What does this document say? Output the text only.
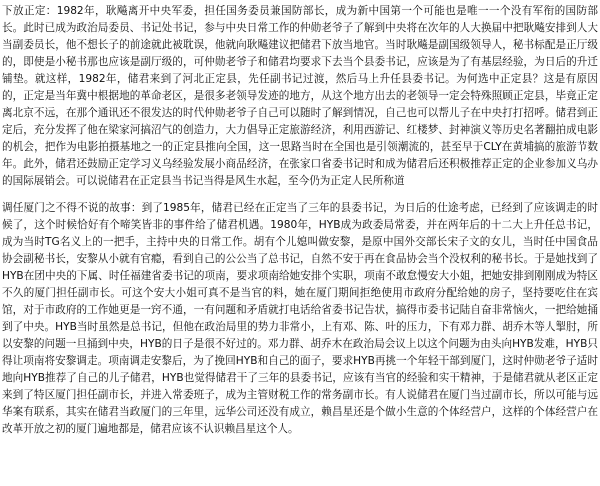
下放正定：1982年，耿飚离开中央军委，担任国务委员兼国防部长，成为新中国第一个可能也是唯一一个没有军衔的国防部长。此时已成为政治局委员、书记处书记，参与中央日常工作的仲勋老爷子了解到中央将在次年的人大换届中把耿飚安排到人大当副委员长，他不想长子的前途就此被耽误，他就向耿飚建议把储君下放当地官。当时耿飚是副国级领导人，秘书标配是正厅级的，即使是小秘书那也应该是副厅级的，可仲勋老爷子和储君均要求下去当个县委书记，应该是为了有基层经验，为日后的升迁铺垫。就这样，1982年，储君来到了河北正定县，先任副书记过渡，然后马上升任县委书记。为何选中正定县？这是有原因的，正定是当年冀中根据地的革命老区，是很多老领导发迹的地方，从这个地方出去的老领导一定会特殊照顾正定县，毕竟正定离北京不远，在那个通讯还不很发达的时代仲勋老爷子自己可以随时了解到情况，自己也可以帮儿子在中央打打招呼。储君到正定后，充分发挥了他在梁家河搞沼气的创造力，大力倡导正定旅游经济，利用西游记、红楼梦、封神演义等历史名著翻拍成电影的机会，把作为电影拍摄基地之一的正定县推向全国，这一思路当时在全国也是引领潮流的，甚至早于CLY在黄埔搞的旅游节数年。此外，储君还鼓励正定学习义乌经验发展小商品经济，在张家口省委书记时和成为储君后还积极推荐正定的企业参加义乌办的国际展销会。可以说储君在正定县当书记当得是风生水起，至今仍为正定人民所称道

调任厦门之不得不说的故事：到了1985年，储君已经在正定当了三年的县委书记，为日后的仕途考虑，已经到了应该调走的时候了，这个时候恰好有个啼笑皆非的事件给了储君机遇。1980年，HYB成为政委局常委，并在两年后的十二大上升任总书记，成为当时TG名义上的一把手，主持中央的日常工作。胡有个儿媳叫做安黎，是原中国外交部长宋子文的女儿，当时任中国食品协会副秘书长，安黎从小就有官瘾，看到自己的公公当了总书记，自然不安于再在食品协会当个没权利的秘书长。于是她找到了HYB在团中央的下属、时任福建省委书记的项南，要求项南给她安排个实职，项南不敢怠慢安大小姐，把她安排到刚刚成为特区不久的厦门担任副市长。可这个安大小姐可真不是当官的料，她在厦门期间拒绝使用市政府分配给她的房子，坚持要吃住在宾馆，对于市政府的工作她更是一窍不通，一有问题和矛盾就打电话给省委书记告状，搞得市委书记陆自奋非常恼火，一把给她捅到了中央。HYB当时虽然是总书记，但他在政治局里的势力非常小，上有邓、陈、叶的压力，下有邓力群、胡乔木等人掣肘，所以安黎的问题一旦捅到中央，HYB的日子是很不好过的。邓力群、胡乔木在政治局会议上以这个问题为由头向HYB发难，HYB只得让项南将安黎调走。项南调走安黎后，为了挽回HYB和自己的面子，要求HYB再挑一个年轻干部到厦门，这时仲勋老爷子适时地向HYB推荐了自己的儿子储君，HYB也觉得储君干了三年的县委书记，应该有当官的经验和实干精神，于是储君就从老区正定来到了特区厦门担任副市长，并进入常委班子，成为主管财税工作的常务副市长。有人说储君在厦门当过副市长，所以可能与远华案有联系，其实在储君当政厦门的三年里，远华公司还没有成立，赖昌星还是个做小生意的个体经营户，这样的个体经营户在改革开放之初的厦门遍地都是，储君应该不认识赖昌星这个人。
